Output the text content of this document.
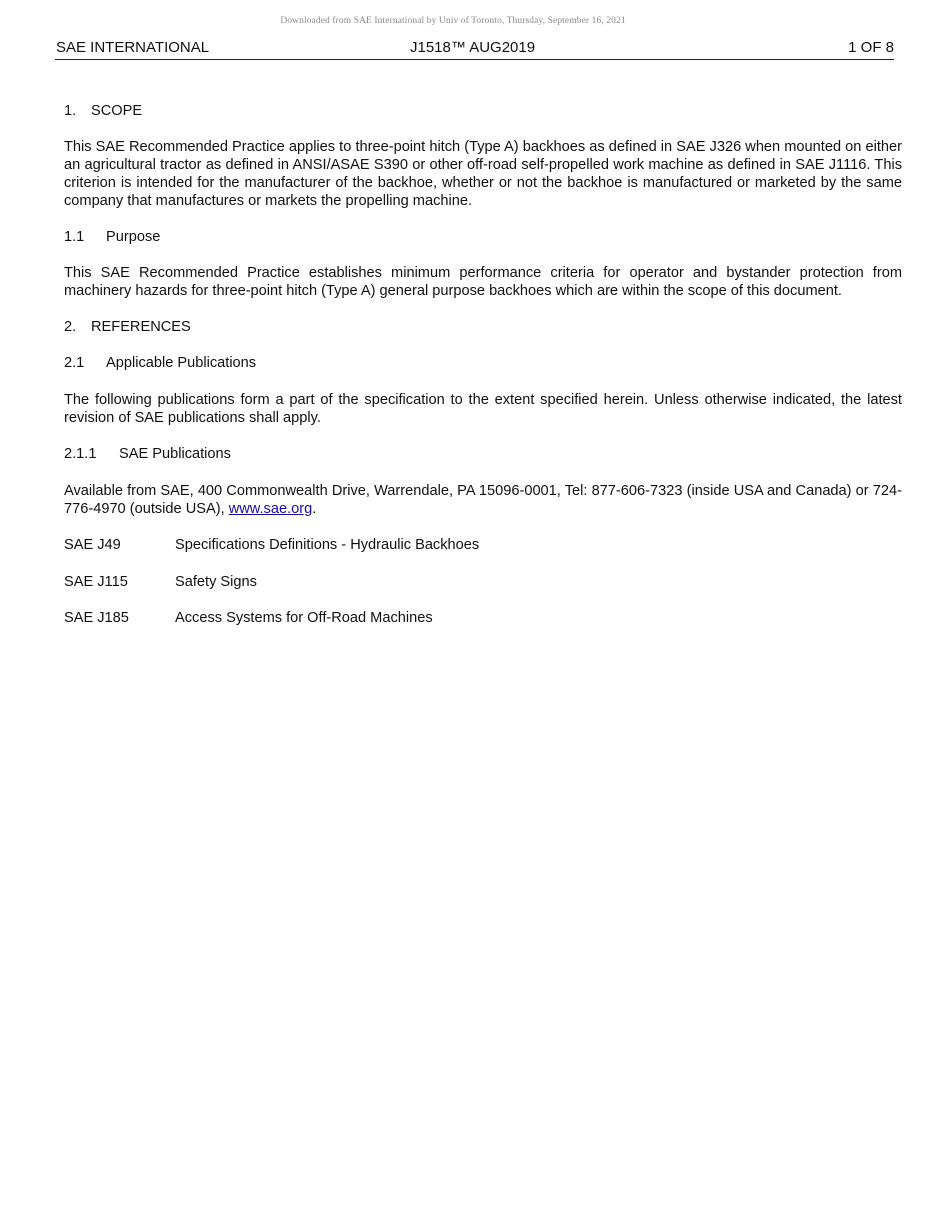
Downloaded from SAE International by Univ of Toronto, Thursday, September 16, 2021
SAE INTERNATIONAL	J1518™ AUG2019	1 OF 8
1. SCOPE

This SAE Recommended Practice applies to three-point hitch (Type A) backhoes as defined in SAE J326 when mounted on either an agricultural tractor as defined in ANSI/ASAE S390 or other off-road self-propelled work machine as defined in SAE J1116. This criterion is intended for the manufacturer of the backhoe, whether or not the backhoe is manufactured or marketed by the same company that manufactures or markets the propelling machine.

1.1 Purpose

This SAE Recommended Practice establishes minimum performance criteria for operator and bystander protection from machinery hazards for three-point hitch (Type A) general purpose backhoes which are within the scope of this document.

2. REFERENCES
2.1 Applicable Publications

The following publications form a part of the specification to the extent specified herein. Unless otherwise indicated, the latest revision of SAE publications shall apply.

2.1.1 SAE Publications

Available from SAE, 400 Commonwealth Drive, Warrendale, PA 15096-0001, Tel: 877-606-7323 (inside USA and Canada) or 724-776-4970 (outside USA), www.sae.org.

SAE J49	Specifications Definitions - Hydraulic Backhoes
SAE J115	Safety Signs
SAE J185	Access Systems for Off-Road Machines
